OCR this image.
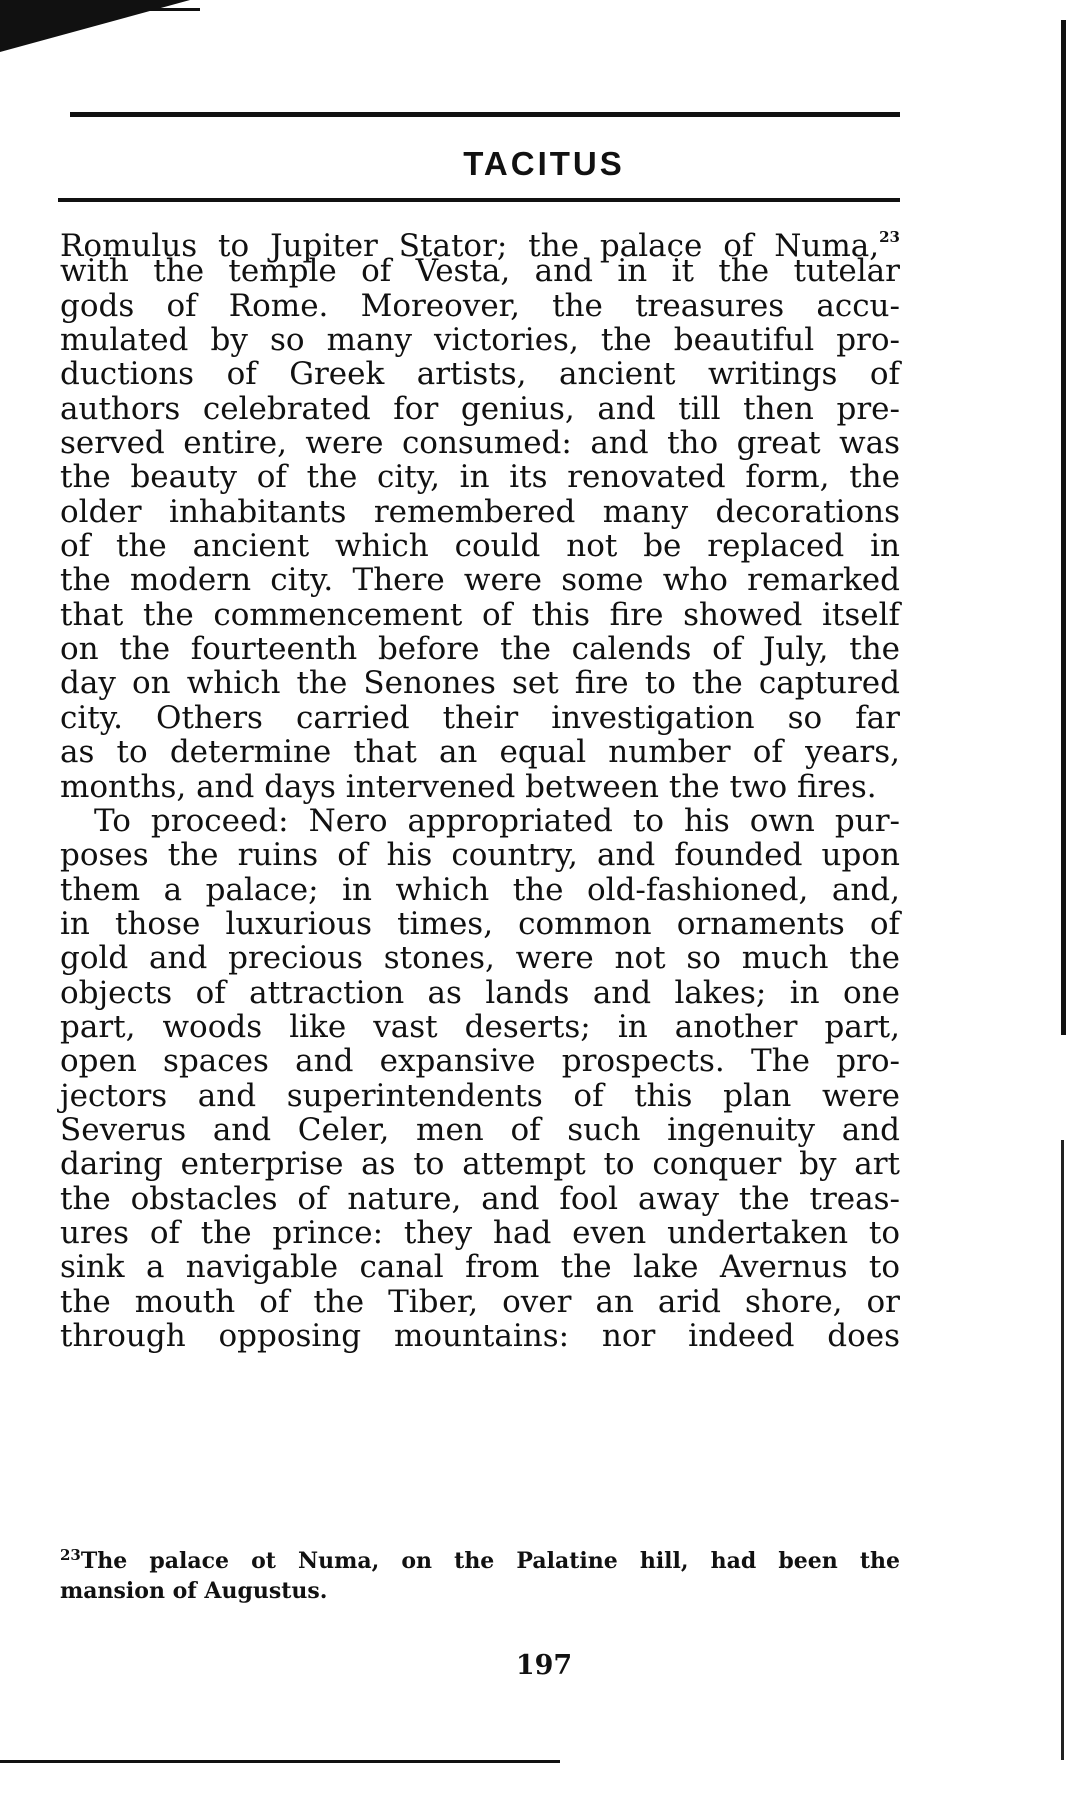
TACITUS
Romulus to Jupiter Stator; the palace of Numa,$^{23}$
with the temple of Vesta, and in it the tutelar
gods of Rome. Moreover, the treasures accu-
mulated by so many victories, the beautiful pro-
ductions of Greek artists, ancient writings of
authors celebrated for genius, and till then pre-
served entire, were consumed: and tho great was
the beauty of the city, in its renovated form, the
older inhabitants remembered many decorations
of the ancient which could not be replaced in
the modern city. There were some who remarked
that the commencement of this fire showed itself
on the fourteenth before the calends of July, the
day on which the Senones set fire to the captured
city. Others carried their investigation so far
as to determine that an equal number of years,
months, and days intervened between the two fires.
To proceed: Nero appropriated to his own pur-
poses the ruins of his country, and founded upon
them a palace; in which the old-fashioned, and,
in those luxurious times, common ornaments of
gold and precious stones, were not so much the
objects of attraction as lands and lakes; in one
part, woods like vast deserts; in another part,
open spaces and expansive prospects. The pro-
jectors and superintendents of this plan were
Severus and Celer, men of such ingenuity and
daring enterprise as to attempt to conquer by art
the obstacles of nature, and fool away the treas-
ures of the prince: they had even undertaken to
sink a navigable canal from the lake Avernus to
the mouth of the Tiber, over an arid shore, or
through opposing mountains: nor indeed does
$^{23}$The palace ot Numa, on the Palatine hill, had been the
mansion of Augustus.
197
